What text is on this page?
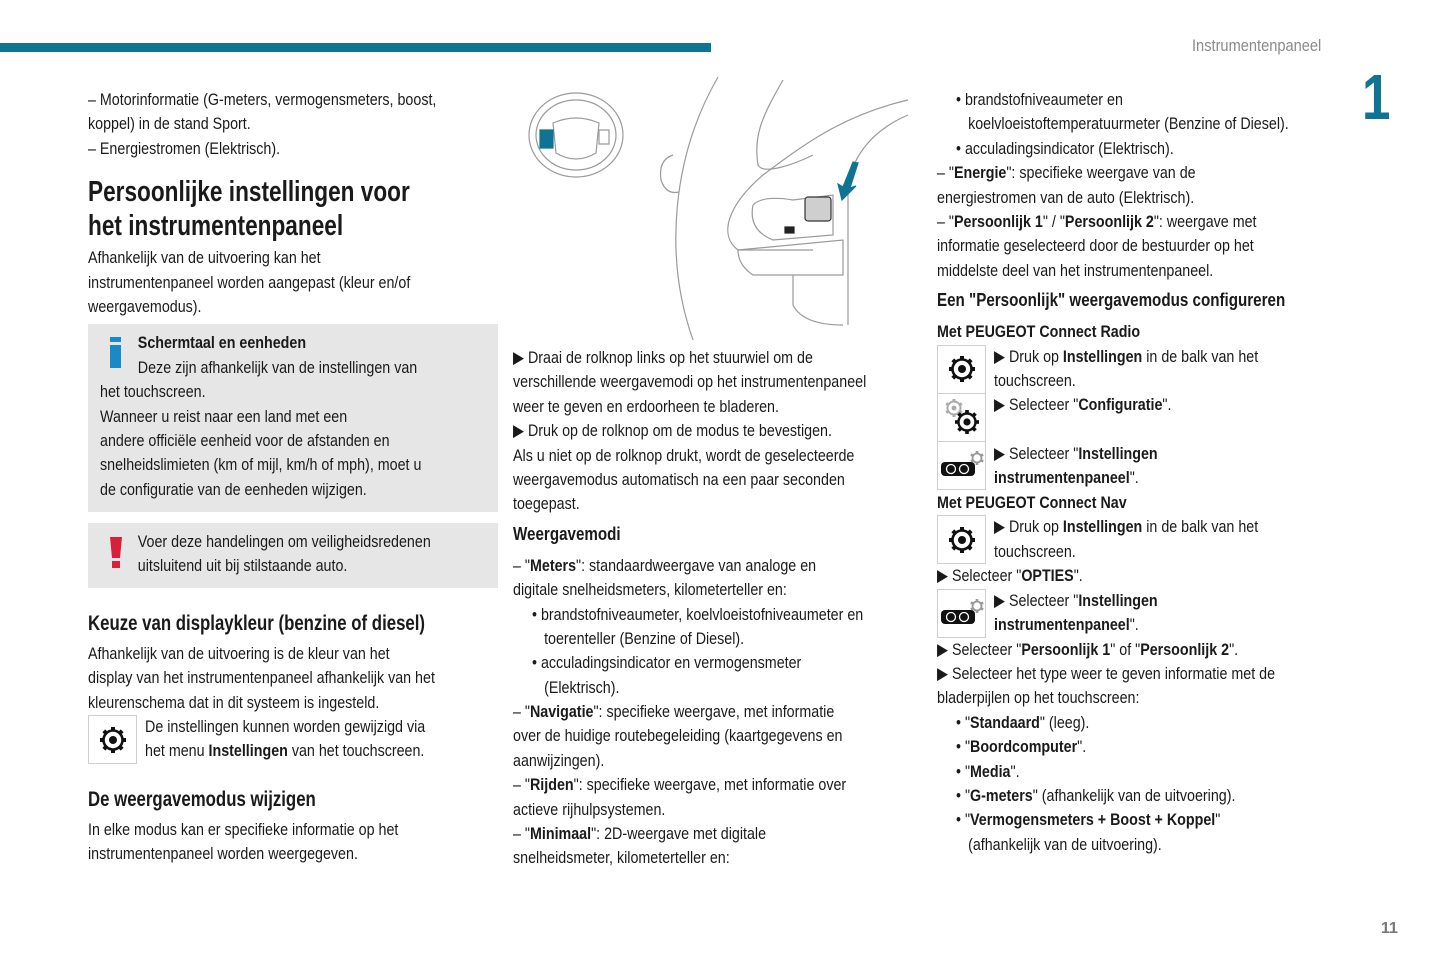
Instrumentenpaneel
1
11
– Motorinformatie (G-meters, vermogensmeters, boost,
koppel) in de stand Sport.
– Energiestromen (Elektrisch).
Persoonlijke instellingen voor
het instrumentenpaneel
Afhankelijk van de uitvoering kan het
instrumentenpaneel worden aangepast (kleur en/of
weergavemodus).
Schermtaal en eenheden
Deze zijn afhankelijk van de instellingen van
het touchscreen.
Wanneer u reist naar een land met een
andere officiële eenheid voor de afstanden en
snelheidslimieten (km of mijl, km/h of mph), moet u
de configuratie van de eenheden wijzigen.
Voer deze handelingen om veiligheidsredenen
uitsluitend uit bij stilstaande auto.
Keuze van displaykleur (benzine of diesel)
Afhankelijk van de uitvoering is de kleur van het
display van het instrumentenpaneel afhankelijk van het
kleurenschema dat in dit systeem is ingesteld.
De instellingen kunnen worden gewijzigd via
het menu Instellingen van het touchscreen.
De weergavemodus wijzigen
In elke modus kan er specifieke informatie op het
instrumentenpaneel worden weergegeven.
▶ Draai de rolknop links op het stuurwiel om de
verschillende weergavemodi op het instrumentenpaneel
weer te geven en erdoorheen te bladeren.
▶ Druk op de rolknop om de modus te bevestigen.
Als u niet op de rolknop drukt, wordt de geselecteerde
weergavemodus automatisch na een paar seconden
toegepast.
Weergavemodi
– "Meters": standaardweergave van analoge en
digitale snelheidsmeters, kilometerteller en:
• brandstofniveaumeter, koelvloeistofniveaumeter en
toerenteller (Benzine of Diesel).
• acculadingsindicator en vermogensmeter
(Elektrisch).
– "Navigatie": specifieke weergave, met informatie
over de huidige routebegeleiding (kaartgegevens en
aanwijzingen).
– "Rijden": specifieke weergave, met informatie over
actieve rijhulpsystemen.
– "Minimaal": 2D-weergave met digitale
snelheidsmeter, kilometerteller en:
• brandstofniveaumeter en
koelvloeistoftemperatuurmeter (Benzine of Diesel).
• acculadingsindicator (Elektrisch).
– "Energie": specifieke weergave van de
energiestromen van de auto (Elektrisch).
– "Persoonlijk 1" / "Persoonlijk 2": weergave met
informatie geselecteerd door de bestuurder op het
middelste deel van het instrumentenpaneel.
Een "Persoonlijk" weergavemodus configureren
Met PEUGEOT Connect Radio
▶ Druk op Instellingen in de balk van het
touchscreen.
▶ Selecteer "Configuratie".
▶ Selecteer "Instellingen
instrumentenpaneel".
Met PEUGEOT Connect Nav
▶ Druk op Instellingen in de balk van het
touchscreen.
▶ Selecteer "OPTIES".
▶ Selecteer "Instellingen
instrumentenpaneel".
▶ Selecteer "Persoonlijk 1" of "Persoonlijk 2".
▶ Selecteer het type weer te geven informatie met de
bladerpijlen op het touchscreen:
• "Standaard" (leeg).
• "Boordcomputer".
• "Media".
• "G-meters" (afhankelijk van de uitvoering).
• "Vermogensmeters + Boost + Koppel"
(afhankelijk van de uitvoering).
